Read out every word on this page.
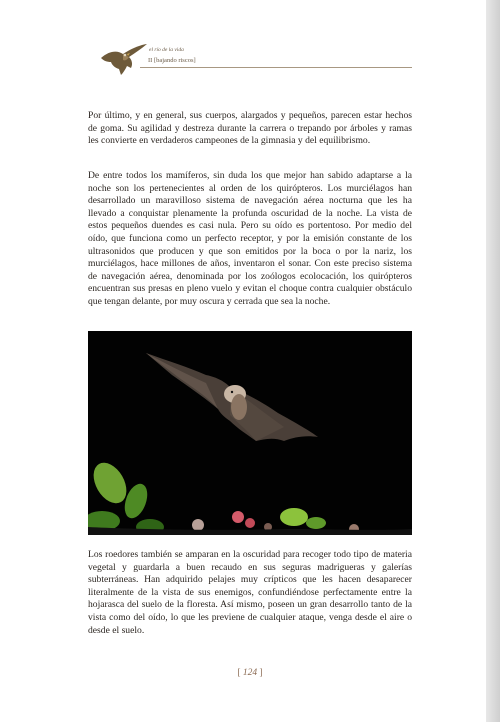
el río de la vida
II [bajando riscos]

Por último, y en general, sus cuerpos, alargados y pequeños, parecen estar hechos de goma. Su agilidad y destreza durante la carrera o trepando por árboles y ramas les convierte en verdaderos campeones de la gimnasia y del equilibrismo.

De entre todos los mamíferos, sin duda los que mejor han sabido adaptarse a la noche son los pertenecientes al orden de los quirópteros. Los murciélagos han desarrollado un maravilloso sistema de navegación aérea nocturna que les ha llevado a conquistar plenamente la profunda oscuridad de la noche. La vista de estos pequeños duendes es casi nula. Pero su oído es portentoso. Por medio del oído, que funciona como un perfecto receptor, y por la emisión constante de los ultrasonidos que producen y que son emitidos por la boca o por la nariz, los murciélagos, hace millones de años, inventaron el sonar. Con este preciso sistema de navegación aérea, denominada por los zoólogos ecolocación, los quirópteros encuentran sus presas en pleno vuelo y evitan el choque contra cualquier obstáculo que tengan delante, por muy oscura y cerrada que sea la noche.

Los roedores también se amparan en la oscuridad para recoger todo tipo de materia vegetal y guardarla a buen recaudo en sus seguras madrigueras y galerías subterráneas. Han adquirido pelajes muy crípticos que les hacen desaparecer literalmente de la vista de sus enemigos, confundiéndose perfectamente entre la hojarasca del suelo de la floresta. Así mismo, poseen un gran desarrollo tanto de la vista como del oído, lo que les previene de cualquier ataque, venga desde el aire o desde el suelo.

[ 124 ]
